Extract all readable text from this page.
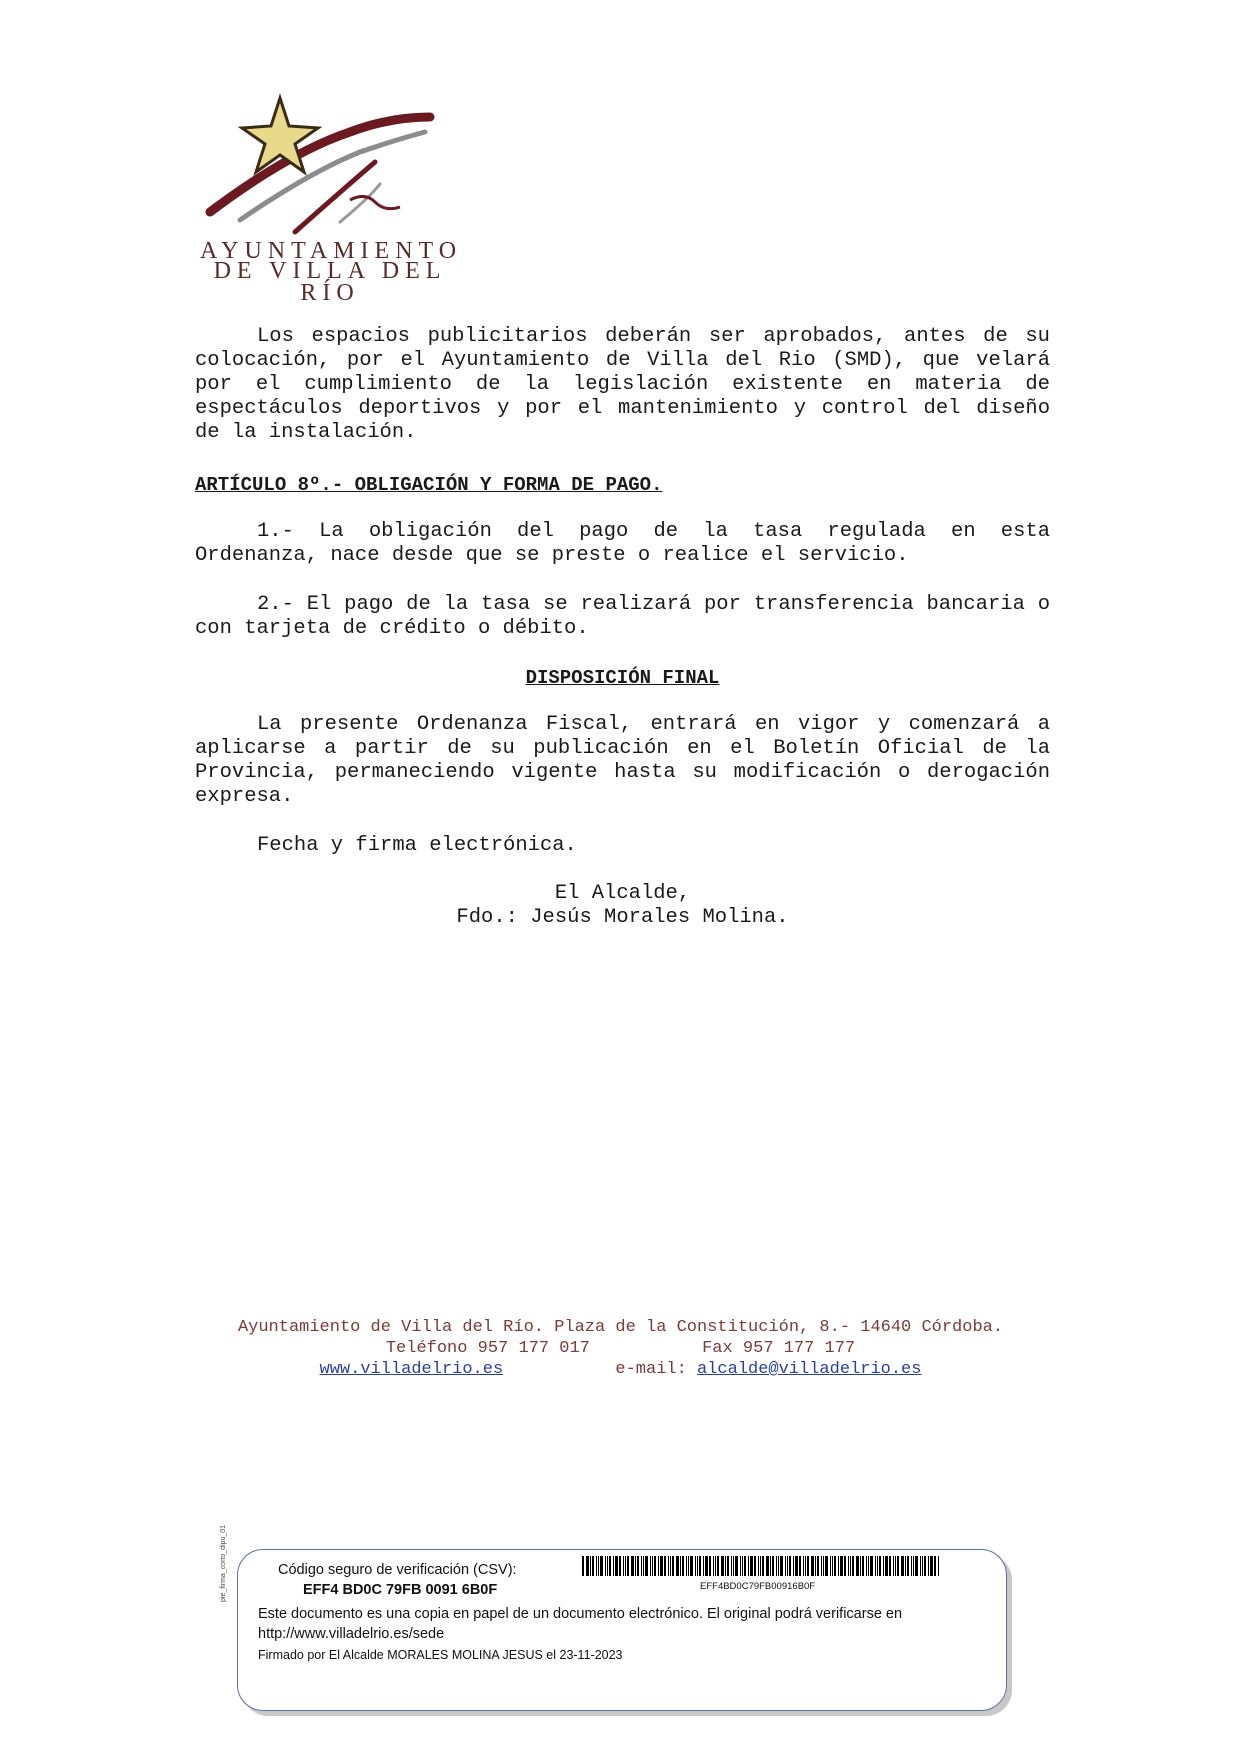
AYUNTAMIENTO
DE VILLA DEL RÍO

Los espacios publicitarios deberán ser aprobados, antes de su colocación, por el Ayuntamiento de Villa del Rio (SMD), que velará por el cumplimiento de la legislación existente en materia de espectáculos deportivos y por el mantenimiento y control del diseño de la instalación.

ARTÍCULO 8º.- OBLIGACIÓN Y FORMA DE PAGO.

1.- La obligación del pago de la tasa regulada en esta Ordenanza, nace desde que se preste o realice el servicio.

2.- El pago de la tasa se realizará por transferencia bancaria o con tarjeta de crédito o débito.

DISPOSICIÓN FINAL

La presente Ordenanza Fiscal, entrará en vigor y comenzará a aplicarse a partir de su publicación en el Boletín Oficial de la Provincia, permaneciendo vigente hasta su modificación o derogación expresa.

Fecha y firma electrónica.

El Alcalde,
Fdo.: Jesús Morales Molina.
Ayuntamiento de Villa del Río. Plaza de la Constitución, 8.- 14640 Córdoba.
Teléfono 957 177 017	Fax 957 177 177
www.villadelrio.es	e-mail: alcalde@villadelrio.es
pie_firma_corto_dipu_01	Código seguro de verificación (CSV):
EFF4 BD0C 79FB 0091 6B0F	EFF4BD0C79FB00916B0F
Este documento es una copia en papel de un documento electrónico. El original podrá verificarse en http://www.villadelrio.es/sede
Firmado por El Alcalde MORALES MOLINA JESUS el 23-11-2023
